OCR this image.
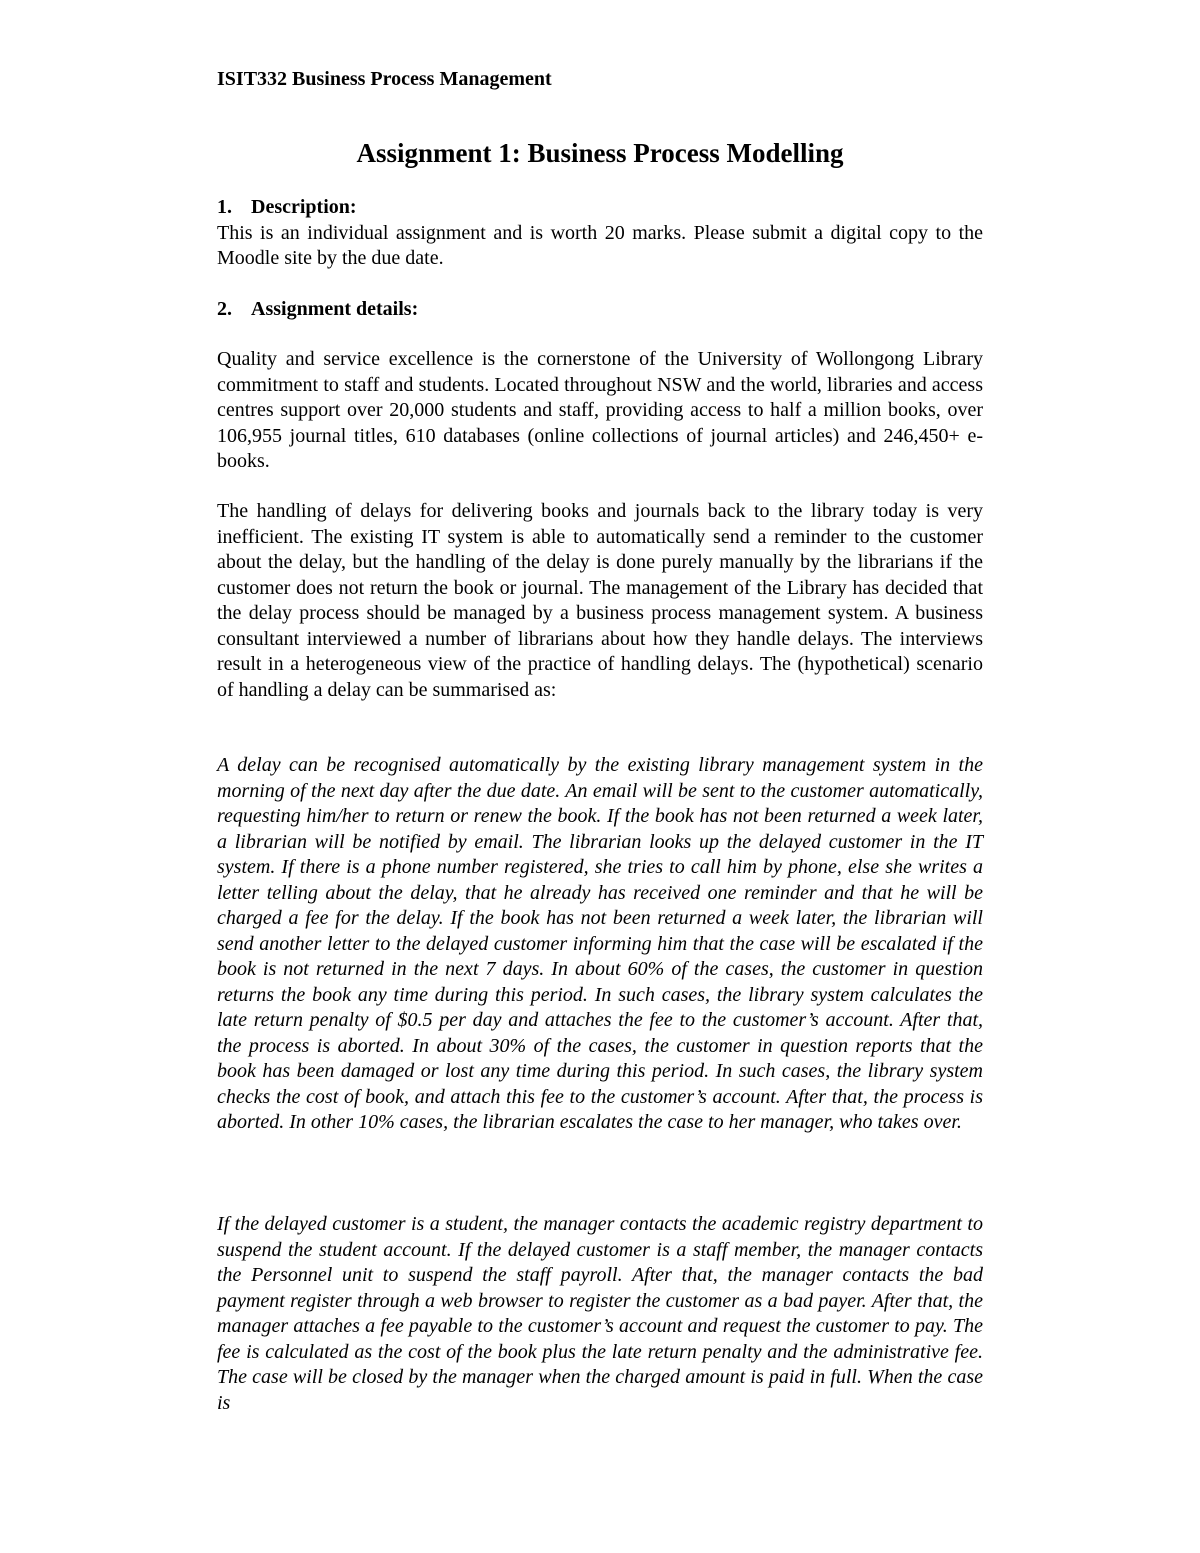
ISIT332 Business Process Management

Assignment 1: Business Process Modelling

1. Description:

This is an individual assignment and is worth 20 marks. Please submit a digital copy to the Moodle site by the due date.

2. Assignment details:

Quality and service excellence is the cornerstone of the University of Wollongong Library commitment to staff and students. Located throughout NSW and the world, libraries and access centres support over 20,000 students and staff, providing access to half a million books, over 106,955 journal titles, 610 databases (online collections of journal articles) and 246,450+ e-books.

The handling of delays for delivering books and journals back to the library today is very inefficient. The existing IT system is able to automatically send a reminder to the customer about the delay, but the handling of the delay is done purely manually by the librarians if the customer does not return the book or journal. The management of the Library has decided that the delay process should be managed by a business process management system. A business consultant interviewed a number of librarians about how they handle delays. The interviews result in a heterogeneous view of the practice of handling delays. The (hypothetical) scenario of handling a delay can be summarised as:

A delay can be recognised automatically by the existing library management system in the morning of the next day after the due date. An email will be sent to the customer automatically, requesting him/her to return or renew the book. If the book has not been returned a week later, a librarian will be notified by email. The librarian looks up the delayed customer in the IT system. If there is a phone number registered, she tries to call him by phone, else she writes a letter telling about the delay, that he already has received one reminder and that he will be charged a fee for the delay. If the book has not been returned a week later, the librarian will send another letter to the delayed customer informing him that the case will be escalated if the book is not returned in the next 7 days. In about 60% of the cases, the customer in question returns the book any time during this period. In such cases, the library system calculates the late return penalty of $0.5 per day and attaches the fee to the customer’s account. After that, the process is aborted. In about 30% of the cases, the customer in question reports that the book has been damaged or lost any time during this period. In such cases, the library system checks the cost of book, and attach this fee to the customer’s account. After that, the process is aborted. In other 10% cases, the librarian escalates the case to her manager, who takes over.

If the delayed customer is a student, the manager contacts the academic registry department to suspend the student account. If the delayed customer is a staff member, the manager contacts the Personnel unit to suspend the staff payroll. After that, the manager contacts the bad payment register through a web browser to register the customer as a bad payer. After that, the manager attaches a fee payable to the customer’s account and request the customer to pay. The fee is calculated as the cost of the book plus the late return penalty and the administrative fee. The case will be closed by the manager when the charged amount is paid in full. When the case is
